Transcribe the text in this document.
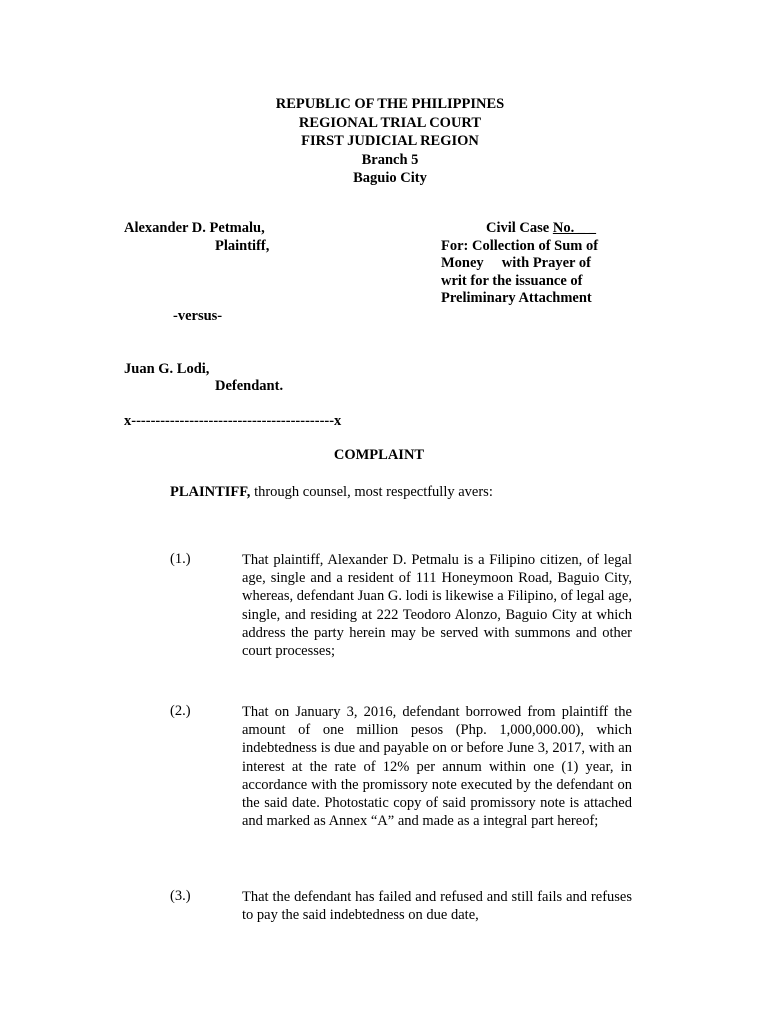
REPUBLIC OF THE PHILIPPINES
REGIONAL TRIAL COURT
FIRST JUDICIAL REGION
Branch 5
Baguio City
Alexander D. Petmalu,
Plaintiff,
Civil Case No. _ _
For: Collection of Sum of
Money     with Prayer of
writ for the issuance of
Preliminary Attachment
-versus-
Juan G. Lodi,
Defendant.
x------------------------------------------x
COMPLAINT
PLAINTIFF, through counsel, most respectfully avers:
(1.)	That plaintiff, Alexander D. Petmalu is a Filipino citizen, of legal age, single and a resident of 111 Honeymoon Road, Baguio City, whereas, defendant Juan G. lodi is likewise a Filipino, of legal age, single, and residing at 222 Teodoro Alonzo, Baguio City at which address the party herein may be served with summons and other court processes;
(2.)	That on January 3, 2016, defendant borrowed from plaintiff the amount of one million pesos (Php. 1,000,000.00), which indebtedness is due and payable on or before June 3, 2017, with an interest at the rate of 12% per annum within one (1) year, in accordance with the promissory note executed by the defendant on the said date. Photostatic copy of said promissory note is attached and marked as Annex “A” and made as a integral part hereof;
(3.)	That the defendant has failed and refused and still fails and refuses to pay the said indebtedness on due date,
